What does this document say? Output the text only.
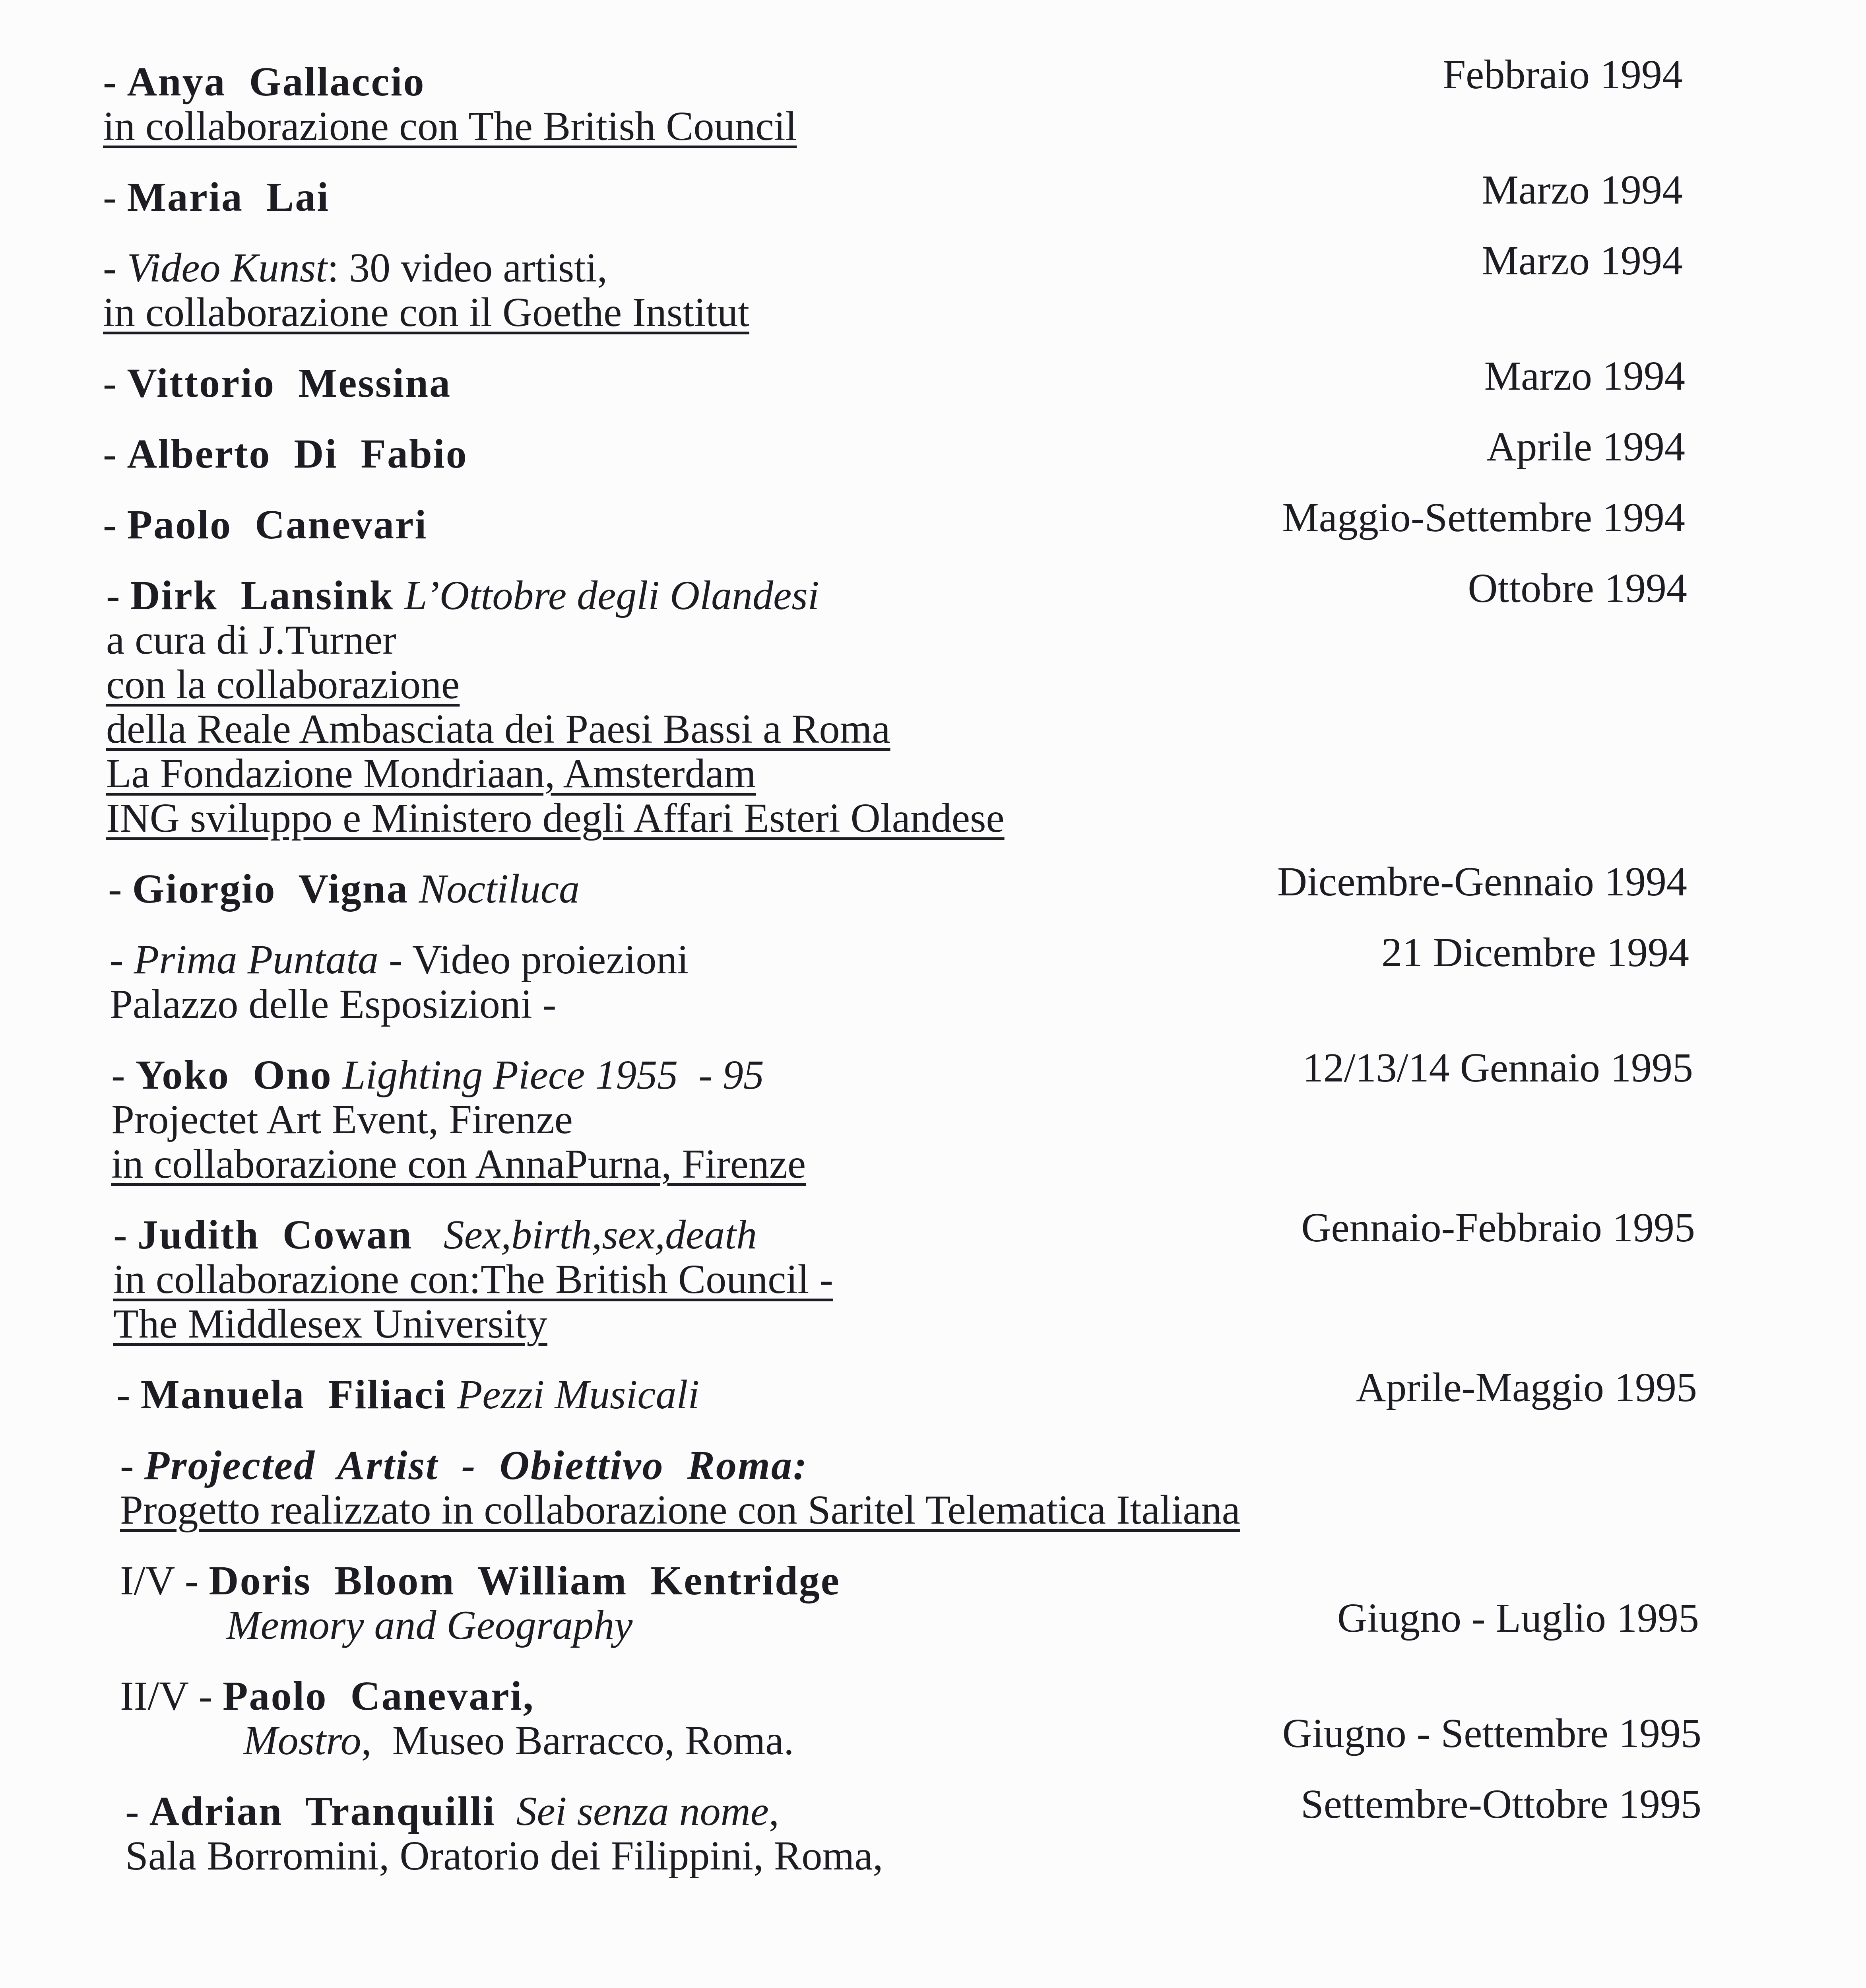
- Anya  Gallaccio	Febbraio 1994
in collaborazione con The British Council
- Maria  Lai	Marzo 1994
- Video Kunst: 30 video artisti,	Marzo 1994
in collaborazione con il Goethe Institut
- Vittorio  Messina	Marzo 1994
- Alberto  Di  Fabio	Aprile 1994
- Paolo  Canevari	Maggio-Settembre 1994
- Dirk  Lansink L’Ottobre degli Olandesi	Ottobre 1994
a cura di J.Turner
con la collaborazione
della Reale Ambasciata dei Paesi Bassi a Roma
La Fondazione Mondriaan, Amsterdam
ING sviluppo e Ministero degli Affari Esteri Olandese
- Giorgio  Vigna Noctiluca	Dicembre-Gennaio 1994
- Prima Puntata - Video proiezioni	21 Dicembre 1994
Palazzo delle Esposizioni -
- Yoko  Ono Lighting Piece 1955  - 95	12/13/14 Gennaio 1995
Projectet Art Event, Firenze
in collaborazione con AnnaPurna, Firenze
- Judith  Cowan Sex,birth,sex,death	Gennaio-Febbraio 1995
in collaborazione con:The British Council -
The Middlesex University
- Manuela  Filiaci Pezzi Musicali	Aprile-Maggio 1995
- Projected  Artist  -  Obiettivo  Roma:
Progetto realizzato in collaborazione con Saritel Telematica Italiana
I/V - Doris  Bloom  William  Kentridge
Memory and Geography	Giugno - Luglio 1995
II/V - Paolo  Canevari,
Mostro,  Museo Barracco, Roma.	Giugno - Settembre 1995
- Adrian  Tranquilli Sei senza nome,	Settembre-Ottobre 1995
Sala Borromini, Oratorio dei Filippini, Roma,
